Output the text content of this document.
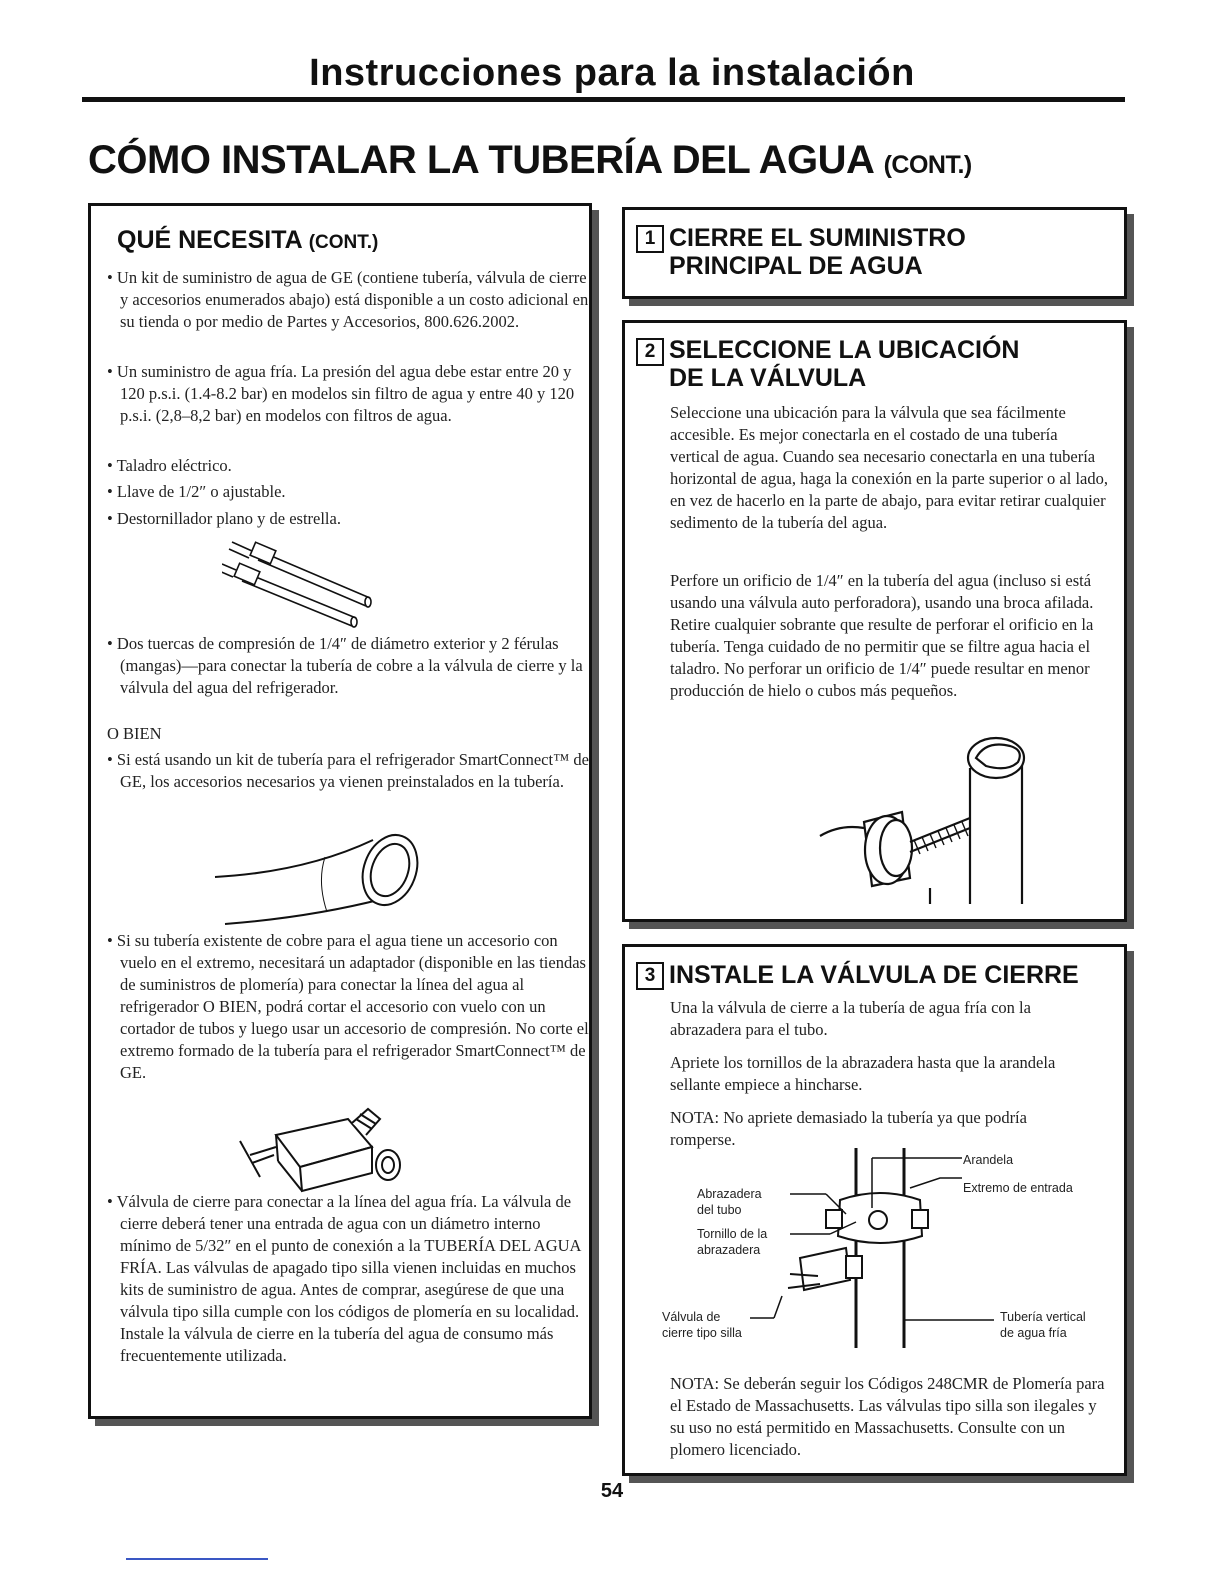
Instrucciones para la instalación
CÓMO INSTALAR LA TUBERÍA DEL AGUA (CONT.)
QUÉ NECESITA (CONT.)
• Un kit de suministro de agua de GE (contiene tubería, válvula de cierre y accesorios enumerados abajo) está disponible a un costo adicional en su tienda o por medio de Partes y Accesorios, 800.626.2002.
• Un suministro de agua fría. La presión del agua debe estar entre 20 y 120 p.s.i. (1.4-8.2 bar) en modelos sin filtro de agua y entre 40 y 120 p.s.i. (2,8–8,2 bar) en modelos con filtros de agua.
• Taladro eléctrico.
• Llave de 1/2″ o ajustable.
• Destornillador plano y de estrella.
• Dos tuercas de compresión de 1/4″ de diámetro exterior y 2 férulas (mangas)—para conectar la tubería de cobre a la válvula de cierre y la válvula del agua del refrigerador.
O BIEN
• Si está usando un kit de tubería para el refrigerador SmartConnect™ de GE, los accesorios necesarios ya vienen preinstalados en la tubería.
• Si su tubería existente de cobre para el agua tiene un accesorio con vuelo en el extremo, necesitará un adaptador (disponible en las tiendas de suministros de plomería) para conectar la línea del agua al refrigerador O BIEN, podrá cortar el accesorio con vuelo con un cortador de tubos y luego usar un accesorio de compresión. No corte el extremo formado de la tubería para el refrigerador SmartConnect™ de GE.
• Válvula de cierre para conectar a la línea del agua fría. La válvula de cierre deberá tener una entrada de agua con un diámetro interno mínimo de 5/32″ en el punto de conexión a la TUBERÍA DEL AGUA FRÍA. Las válvulas de apagado tipo silla vienen incluidas en muchos kits de suministro de agua. Antes de comprar, asegúrese de que una válvula tipo silla cumple con los códigos de plomería en su localidad. Instale la válvula de cierre en la tubería del agua de consumo más frecuentemente utilizada.
1 CIERRE EL SUMINISTRO
PRINCIPAL DE AGUA
2 SELECCIONE LA UBICACIÓN
DE LA VÁLVULA
Seleccione una ubicación para la válvula que sea fácilmente accesible. Es mejor conectarla en el costado de una tubería vertical de agua. Cuando sea necesario conectarla en una tubería horizontal de agua, haga la conexión en la parte superior o al lado, en vez de hacerlo en la parte de abajo, para evitar retirar cualquier sedimento de la tubería del agua.
Perfore un orificio de 1/4″ en la tubería del agua (incluso si está usando una válvula auto perforadora), usando una broca afilada. Retire cualquier sobrante que resulte de perforar el orificio en la tubería. Tenga cuidado de no permitir que se filtre agua hacia el taladro. No perforar un orificio de 1/4″ puede resultar en menor producción de hielo o cubos más pequeños.
3 INSTALE LA VÁLVULA DE CIERRE
Una la válvula de cierre a la tubería de agua fría con la abrazadera para el tubo.
Apriete los tornillos de la abrazadera hasta que la arandela sellante empiece a hincharse.
NOTA: No apriete demasiado la tubería ya que podría romperse.
Arandela
Extremo de entrada
Abrazadera
del tubo
Tornillo de la
abrazadera
Válvula de
cierre tipo silla
Tubería vertical
de agua fría
NOTA: Se deberán seguir los Códigos 248CMR de Plomería para el Estado de Massachusetts. Las válvulas tipo silla son ilegales y su uso no está permitido en Massachusetts. Consulte con un plomero licenciado.
54
